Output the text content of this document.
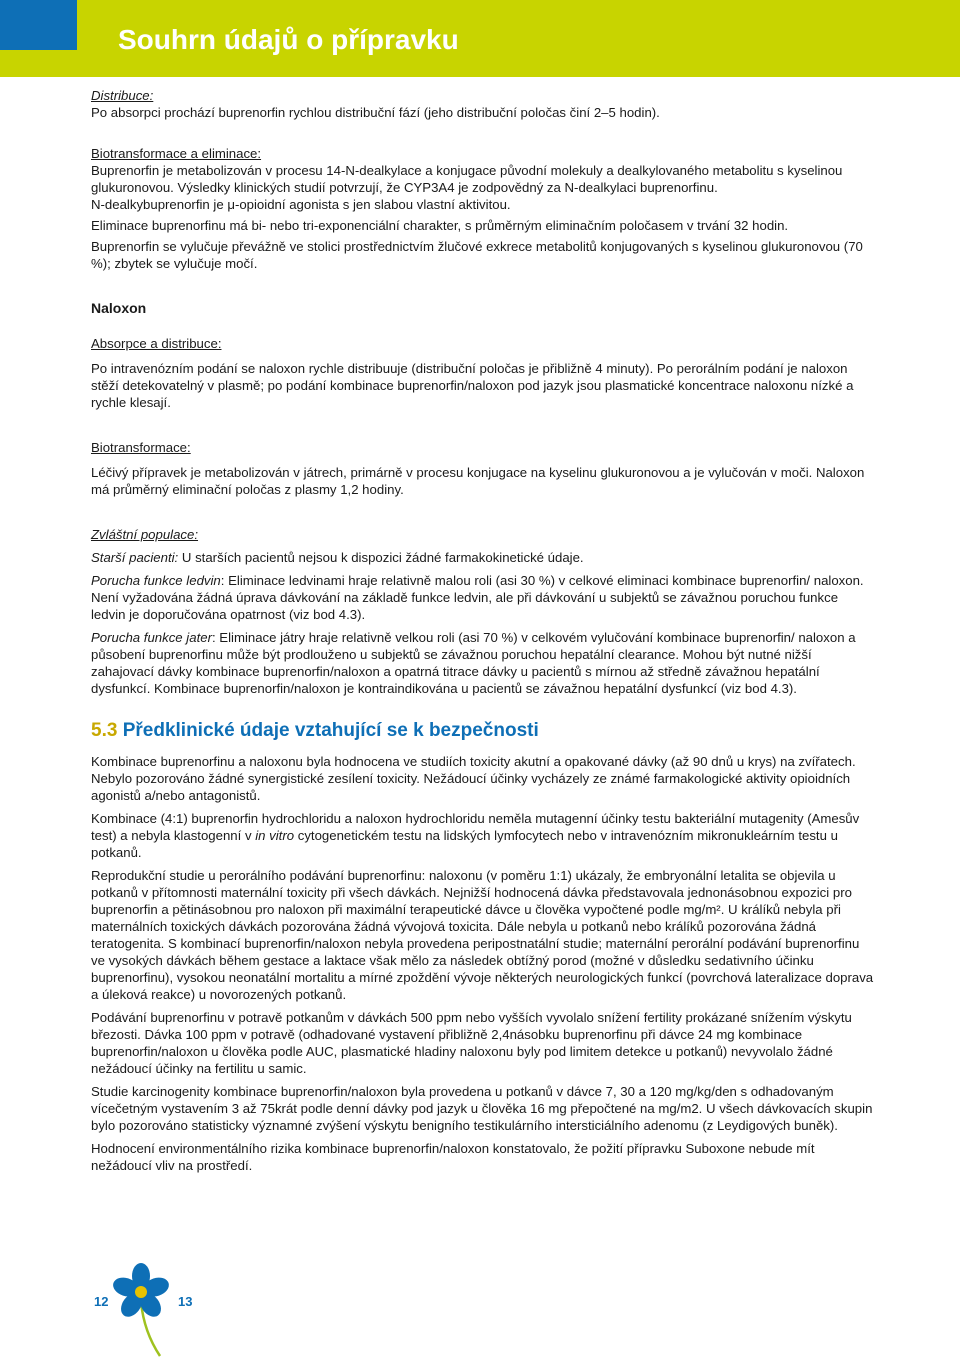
Souhrn údajů o přípravku

Distribuce:

Po absorpci prochází buprenorfin rychlou distribuční fází (jeho distribuční poločas činí 2–5 hodin).

Biotransformace a eliminace:

Buprenorfin je metabolizován v procesu 14-N-dealkylace a konjugace původní molekuly a dealkylovaného metabolitu s kyselinou glukuronovou. Výsledky klinických studií potvrzují, že CYP3A4 je zodpovědný za N-dealkylaci buprenorfinu.

N-dealkybuprenorfin je μ-opioidní agonista s jen slabou vlastní aktivitou.

Eliminace buprenorfinu má bi- nebo tri-exponenciální charakter, s průměrným eliminačním poločasem v trvání 32 hodin.

Buprenorfin se vylučuje převážně ve stolici prostřednictvím žlučové exkrece metabolitů konjugovaných s kyselinou glukuronovou (70 %); zbytek se vylučuje močí.

Naloxon

Absorpce a distribuce:

Po intravenózním podání se naloxon rychle distribuuje (distribuční poločas je přibližně 4 minuty). Po perorálním podání je naloxon stěží detekovatelný v plasmě; po podání kombinace buprenorfin/naloxon pod jazyk jsou plasmatické koncentrace naloxonu nízké a rychle klesají.

Biotransformace:

Léčivý přípravek je metabolizován v játrech, primárně v procesu konjugace na kyselinu glukuronovou a je vylučován v moči. Naloxon má průměrný eliminační poločas z plasmy 1,2 hodiny.

Zvláštní populace:

Starší pacienti: U starších pacientů nejsou k dispozici žádné farmakokinetické údaje.

Porucha funkce ledvin: Eliminace ledvinami hraje relativně malou roli (asi 30 %) v celkové eliminaci kombinace buprenorfin/ naloxon. Není vyžadována žádná úprava dávkování na základě funkce ledvin, ale při dávkování u subjektů se závažnou poruchou funkce ledvin je doporučována opatrnost (viz bod 4.3).

Porucha funkce jater: Eliminace játry hraje relativně velkou roli (asi 70 %) v celkovém vylučování kombinace buprenorfin/ naloxon a působení buprenorfinu může být prodlouženo u subjektů se závažnou poruchou hepatální clearance. Mohou být nutné nižší zahajovací dávky kombinace buprenorfin/naloxon a opatrná titrace dávky u pacientů s mírnou až středně závažnou hepatální dysfunkcí. Kombinace buprenorfin/naloxon je kontraindikována u pacientů se závažnou hepatální dysfunkcí (viz bod 4.3).

5.3 Předklinické údaje vztahující se k bezpečnosti

Kombinace buprenorfinu a naloxonu byla hodnocena ve studiích toxicity akutní a opakované dávky (až 90 dnů u krys) na zvířatech. Nebylo pozorováno žádné synergistické zesílení toxicity. Nežádoucí účinky vycházely ze známé farmakologické aktivity opioidních agonistů a/nebo antagonistů.

Kombinace (4:1) buprenorfin hydrochloridu a naloxon hydrochloridu neměla mutagenní účinky testu bakteriální mutagenity (Amesův test) a nebyla klastogenní v in vitro cytogenetickém testu na lidských lymfocytech nebo v intravenózním mikronukleárním testu u potkanů.

Reprodukční studie u perorálního podávání buprenorfinu: naloxonu (v poměru 1:1) ukázaly, že embryonální letalita se objevila u potkanů v přítomnosti maternální toxicity při všech dávkách. Nejnižší hodnocená dávka představovala jednonásobnou expozici pro buprenorfin a pětinásobnou pro naloxon při maximální terapeutické dávce u člověka vypočtené podle mg/m². U králíků nebyla při maternálních toxických dávkách pozorována žádná vývojová toxicita. Dále nebyla u potkanů nebo králíků pozorována žádná teratogenita. S kombinací buprenorfin/naloxon nebyla provedena peripostnatální studie; maternální perorální podávání buprenorfinu ve vysokých dávkách během gestace a laktace však mělo za následek obtížný porod (možné v důsledku sedativního účinku buprenorfinu), vysokou neonatální mortalitu a mírné zpoždění vývoje některých neurologických funkcí (povrchová lateralizace doprava a úleková reakce) u novorozených potkanů.

Podávání buprenorfinu v potravě potkanům v dávkách 500 ppm nebo vyšších vyvolalo snížení fertility prokázané snížením výskytu březosti. Dávka 100 ppm v potravě (odhadované vystavení přibližně 2,4násobku buprenorfinu při dávce 24 mg kombinace buprenorfin/naloxon u člověka podle AUC, plasmatické hladiny naloxonu byly pod limitem detekce u potkanů) nevyvolalo žádné nežádoucí účinky na fertilitu u samic.

Studie karcinogenity kombinace buprenorfin/naloxon byla provedena u potkanů v dávce 7, 30 a 120 mg/kg/den s odhadovaným vícečetným vystavením 3 až 75krát podle denní dávky pod jazyk u člověka 16 mg přepočtené na mg/m2. U všech dávkovacích skupin bylo pozorováno statisticky významné zvýšení výskytu benigního testikulárního intersticiálního adenomu (z Leydigových buněk).

Hodnocení environmentálního rizika kombinace buprenorfin/naloxon konstatovalo, že požití přípravku Suboxone nebude mít nežádoucí vliv na prostředí.

12	13
